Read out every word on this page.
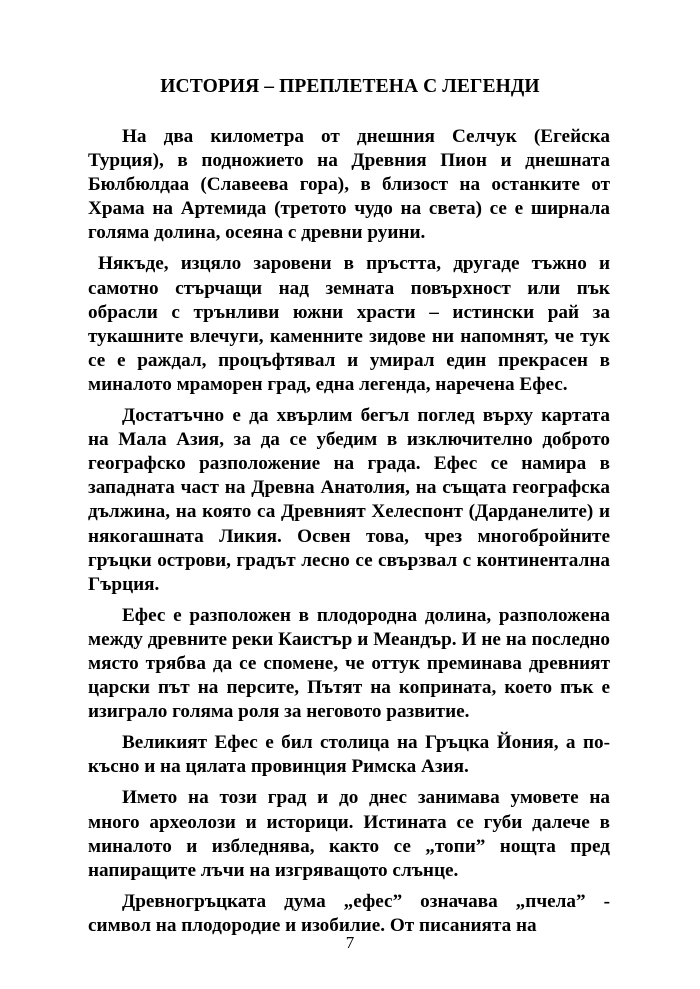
ИСТОРИЯ – ПРЕПЛЕТЕНА С ЛЕГЕНДИ

На два километра от днешния Селчук (Егейска Турция), в подножието на Древния Пион и днешната Бюлбюлдаа (Славеева гора), в близост на останките от Храма на Артемида (третото чудо на света) се е ширнала голяма долина, осеяна с древни руини.

Някъде, изцяло заровени в пръстта, другаде тъжно и самотно стърчащи над земната повърхност или пък обрасли с трънливи южни храсти – истински рай за тукашните влечуги, каменните зидове ни напомнят, че тук се е раждал, процъфтявал и умирал един прекрасен в миналото мраморен град, една легенда, наречена Ефес.

Достатъчно е да хвърлим бегъл поглед върху картата на Мала Азия, за да се убедим в изключително доброто географско разположение на града. Ефес се намира в западната част на Древна Анатолия, на същата географска дължина, на която са Древният Хелеспонт (Дарданелите) и някогашната Ликия. Освен това, чрез многобройните гръцки острови, градът лесно се свързвал с континентална Гърция.

Ефес е разположен в плодородна долина, разположена между древните реки Каистър и Меандър. И не на последно място трябва да се спомене, че оттук преминава древният царски път на персите, Пътят на коприната, което пък е изиграло голяма роля за неговото развитие.

Великият Ефес е бил столица на Гръцка Йония, а по-късно и на цялата провинция Римска Азия.

Името на този град и до днес занимава умовете на много археолози и историци. Истината се губи далече в миналото и избледнява, както се „топи” нощта пред напиращите лъчи на изгряващото слънце.

Древногръцката дума „ефес” означава „пчела” - символ на плодородие и изобилие. От писанията на

7
